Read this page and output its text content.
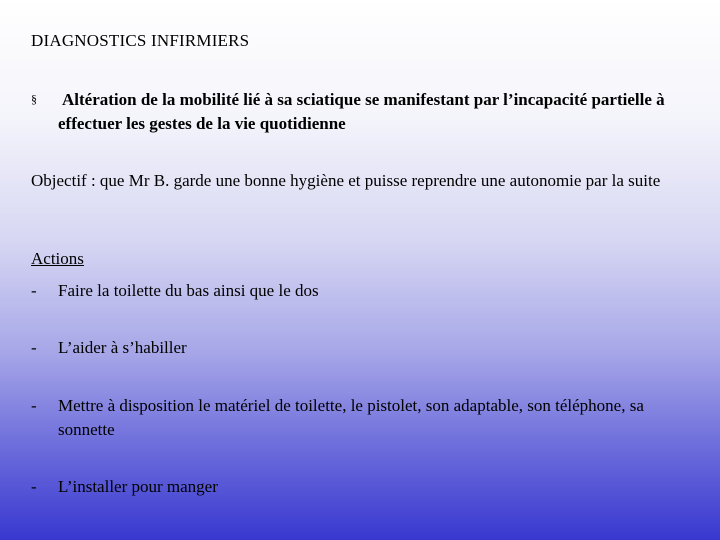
DIAGNOSTICS INFIRMIERS
§ Altération de la mobilité lié à sa sciatique se manifestant par l’incapacité partielle à effectuer les gestes de la vie quotidienne
Objectif : que Mr B. garde une bonne hygiène et puisse reprendre une autonomie par la suite
Actions
- Faire la toilette du bas ainsi que le dos
- L’aider à s’habiller
- Mettre à disposition le matériel de toilette, le pistolet, son adaptable, son téléphone, sa sonnette
- L’installer pour manger
